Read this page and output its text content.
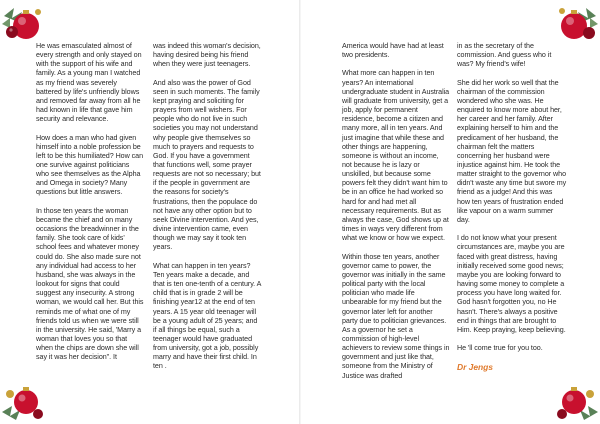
He was emasculated almost of every strength and only stayed on with the support of his wife and family. As a young man I watched as my friend was severely battered by life's unfriendly blows and removed far away from all he had known in life that gave him security and relevance.

How does a man who had given himself into a noble profession be left to be this humiliated? How can one survive against politicians who see themselves as the Alpha and Omega in society? Many questions but little answers.

In those ten years the woman became the chief and on many occasions the breadwinner in the family. She took care of kids' school fees and whatever money could do. She also made sure not any individual had access to her husband, she was always in the lookout for signs that could suggest any insecurity. A strong woman, we would call her. But this reminds me of what one of my friends told us when we were still in the university. He said, 'Marry a woman that loves you so that when the chips are down she will say it was her decision". It

was indeed this woman's decision, having desired being his friend when they were just teenagers.

And also was the power of God seen in such moments. The family kept praying and soliciting for prayers from well wishers. For people who do not live in such societies you may not understand why people give themselves so much to prayers and requests to God. If you have a government that functions well, some prayer requests are not so necessary; but if the people in government are the reasons for society's frustrations, then the populace do not have any other option but to seek Divine intervention. And yes, divine intervention came, even though we may say it took ten years.

What can happen in ten years? Ten years make a decade, and that is ten one-tenth of a century. A child that is in grade 2 will be finishing year12 at the end of ten years. A 15 year old teenager will be a young adult of 25 years; and if all things be equal, such a teenager would have graduated from university, got a job, possibly marry and have their first child. In ten .

America would have had at least two presidents.

What more can happen in ten years? An international undergraduate student in Australia will graduate from university, get a job, apply for permanent residence, become a citizen and many more, all in ten years. And just imagine that while these and other things are happening, someone is without an income, not because he is lazy or unskilled, but because some powers felt they didn't want him to be in an office he had worked so hard for and had met all necessary requirements. But as always the case, God shows up at times in ways very different from what we know or how we expect.

Within those ten years, another governor came to power, the governor was initially in the same political party with the local politician who made life unbearable for my friend but the governor later left for another party due to politician grievances. As a governor he set a commission of high-level achievers to review some things in government and just like that, someone from the Ministry of Justice was drafted

in as the secretary of the commission. And guess who it was? My friend's wife!

She did her work so well that the chairman of the commission wondered who she was. He enquired to know more about her, her career and her family. After explaining herself to him and the predicament of her husband, the chairman felt the matters concerning her husband were injustice against him. He took the matter straight to the governor who didn't waste any time but swore my friend as a judge! And this was how ten years of frustration ended like vapour on a warm summer day.

I do not know what your present circumstances are, maybe you are faced with great distress, having initially received some good news; maybe you are looking forward to having some money to complete a process you have long waited for. God hasn't forgotten you, no He hasn't. There's always a positive end in things that are brought to Him. Keep praying, keep believing.

He 'll come true for you too.

Dr Jengs
